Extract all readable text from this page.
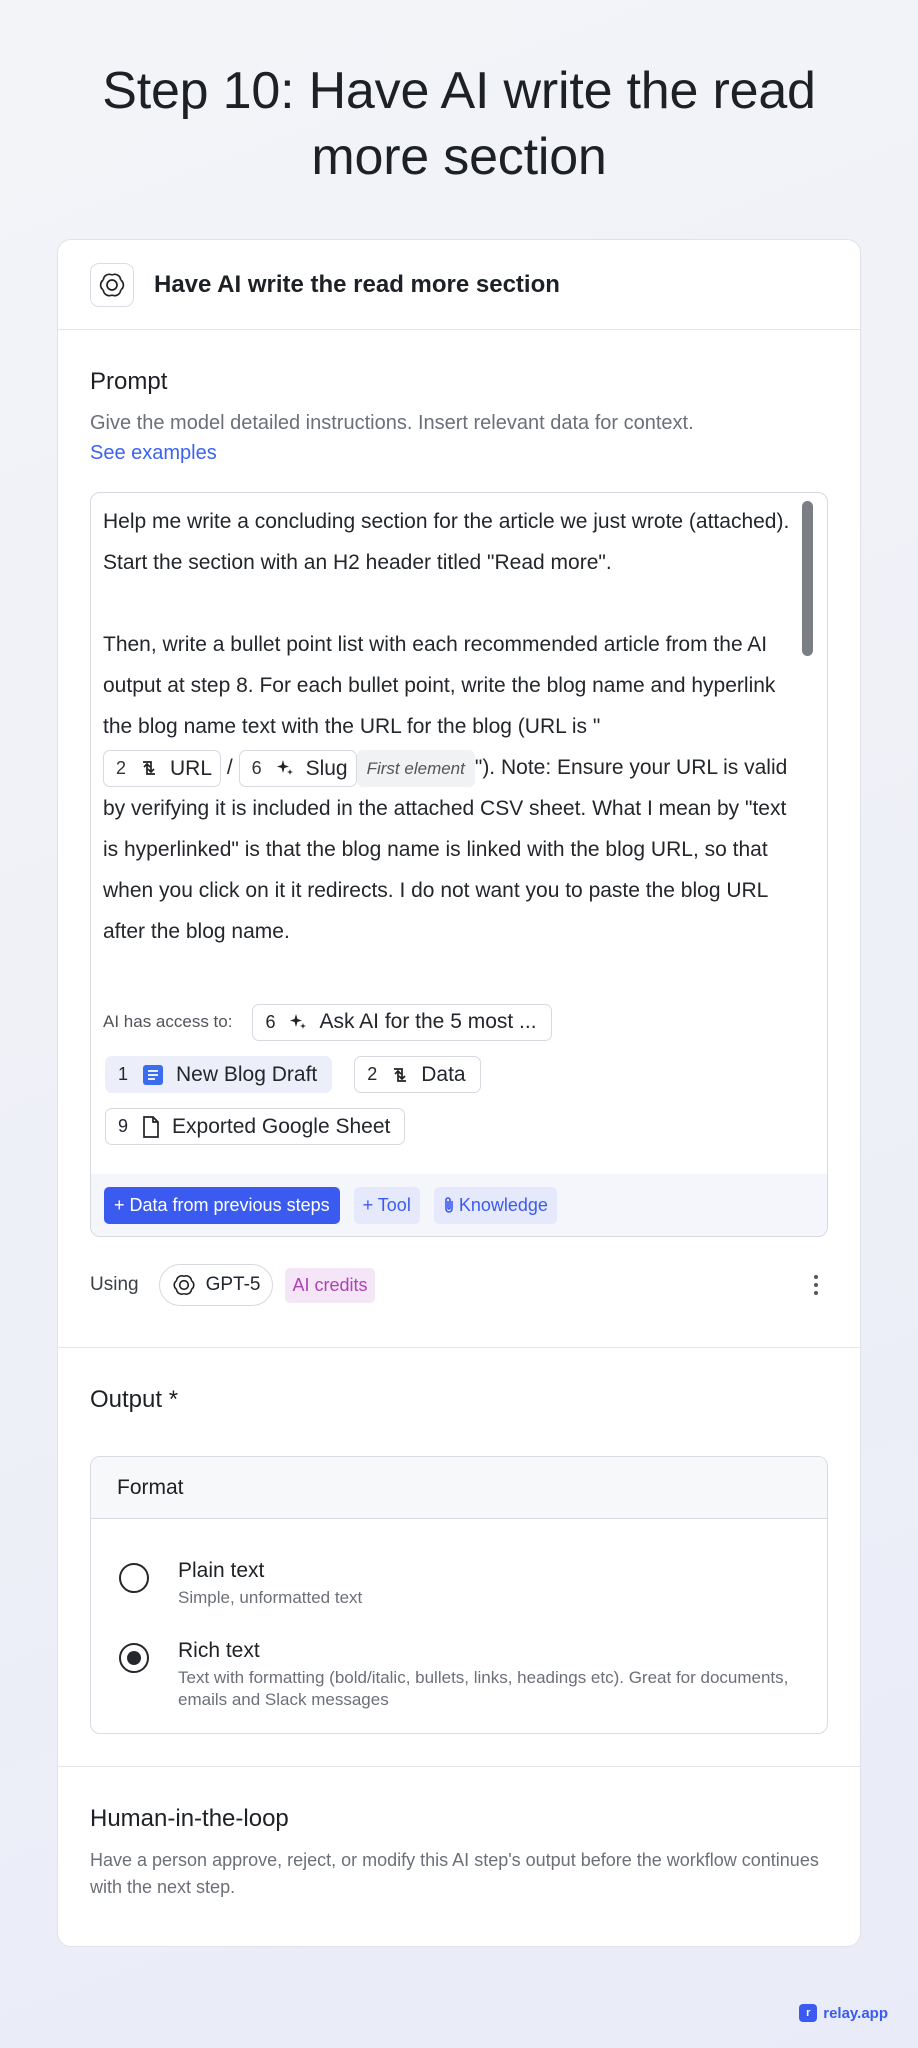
Step 10: Have AI write the read more section
Have AI write the read more section
Prompt
Give the model detailed instructions. Insert relevant data for context.
See examples

Help me write a concluding section for the article we just wrote (attached). Start the section with an H2 header titled "Read more".

Then, write a bullet point list with each recommended article from the AI output at step 8. For each bullet point, write the blog name and hyperlink the blog name text with the URL for the blog (URL is "

2 URL / 6 Slug First element "). Note: Ensure your URL is valid by verifying it is included in the attached CSV sheet. What I mean by "text is hyperlinked" is that the blog name is linked with the blog URL, so that when you click on it it redirects. I do not want you to paste the blog URL after the blog name.

AI has access to: 6 Ask AI for the 5 most ...
1 New Blog Draft	2 Data
9 Exported Google Sheet
+ Data from previous steps	+ Tool	Knowledge
Using	GPT-5	AI credits
Output *
Format
Plain text
Simple, unformatted text
Rich text
Text with formatting (bold/italic, bullets, links, headings etc). Great for documents, emails and Slack messages
Human-in-the-loop
Have a person approve, reject, or modify this AI step's output before the workflow continues with the next step.
r relay.app
